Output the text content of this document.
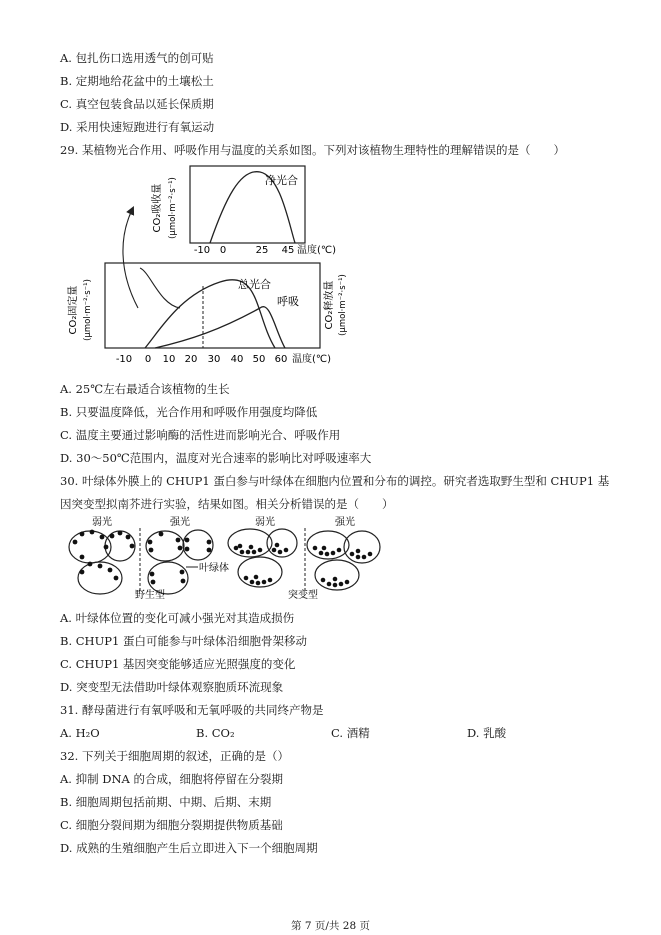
A. 包扎伤口选用透气的创可贴
B. 定期地给花盆中的土壤松土
C. 真空包装食品以延长保质期
D. 采用快速短跑进行有氧运动
29. 某植物光合作用、呼吸作用与温度的关系如图。下列对该植物生理特性的理解错误的是（　　）
净光合
CO₂吸收量 (μmol·m⁻²·s⁻¹)
-10 0	25 45 温度(℃)
总光合
呼吸
CO₂固定量 (μmol·m⁻²·s⁻¹)	CO₂释放量 (μmol·m⁻²·s⁻¹)
-10 0 10 20 30 40 50 60 温度(℃)
A. 25℃左右最适合该植物的生长
B. 只要温度降低，光合作用和呼吸作用强度均降低
C. 温度主要通过影响酶的活性进而影响光合、呼吸作用
D. 30～50℃范围内，温度对光合速率的影响比对呼吸速率大
30. 叶绿体外膜上的 CHUP1 蛋白参与叶绿体在细胞内位置和分布的调控。研究者选取野生型和 CHUP1 基
因突变型拟南芥进行实验，结果如图。相关分析错误的是（　　）
弱光	强光	弱光	强光
叶绿体
野生型	突变型
A. 叶绿体位置的变化可减小强光对其造成损伤
B. CHUP1 蛋白可能参与叶绿体沿细胞骨架移动
C. CHUP1 基因突变能够适应光照强度的变化
D. 突变型无法借助叶绿体观察胞质环流现象
31. 酵母菌进行有氧呼吸和无氧呼吸的共同终产物是
A. H₂O	B. CO₂	C. 酒精	D. 乳酸
32. 下列关于细胞周期的叙述，正确的是（）
A. 抑制 DNA 的合成，细胞将停留在分裂期
B. 细胞周期包括前期、中期、后期、末期
C. 细胞分裂间期为细胞分裂期提供物质基础
D. 成熟的生殖细胞产生后立即进入下一个细胞周期
第 7 页/共 28 页
